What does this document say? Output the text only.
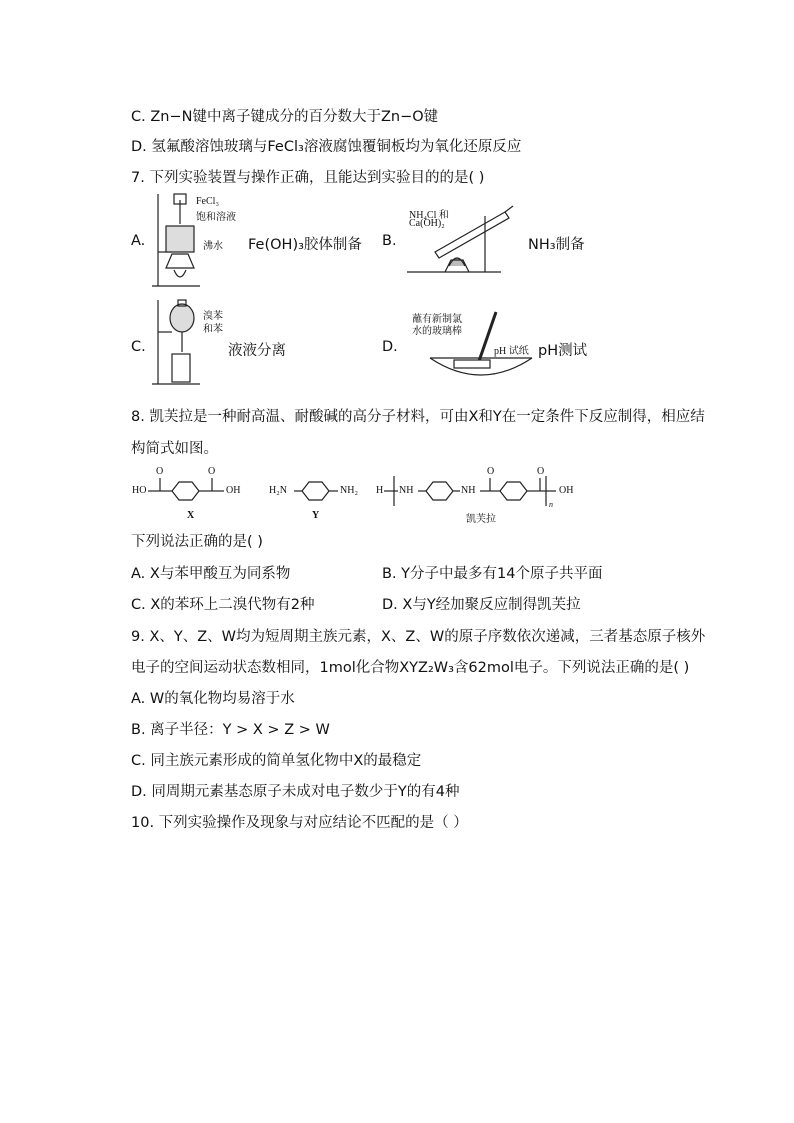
C. Zn−N键中离子键成分的百分数大于Zn−O键
D. 氢氟酸溶蚀玻璃与FeCl₃溶液腐蚀覆铜板均为氧化还原反应
7. 下列实验装置与操作正确，且能达到实验目的的是( )
A.
FeCl₃
饱和溶液
沸水 Fe(OH)₃胶体制备 B.
NH₄Cl 和
Ca(OH)₂
NH₃制备
C.
溴苯
和苯
液液分离	D.
蘸有新制氯
水的玻璃棒
pH 试纸 pH测试
8. 凯芙拉是一种耐高温、耐酸碱的高分子材料，可由X和Y在一定条件下反应制得，相应结
构简式如图。
HO
O	O
OH
X
H₂N	NH₂
Y
H NH	NH
O	O
OH
n
凯芙拉
下列说法正确的是( )
A. X与苯甲酸互为同系物	B. Y分子中最多有14个原子共平面
C. X的苯环上二溴代物有2种	D. X与Y经加聚反应制得凯芙拉
9. X、Y、Z、W均为短周期主族元素，X、Z、W的原子序数依次递减，三者基态原子核外
电子的空间运动状态数相同，1mol化合物XYZ₂W₃含62mol电子。下列说法正确的是( )
A. W的氧化物均易溶于水
B. 离子半径：Y > X > Z > W
C. 同主族元素形成的简单氢化物中X的最稳定
D. 同周期元素基态原子未成对电子数少于Y的有4种
10. 下列实验操作及现象与对应结论不匹配的是（ ）
